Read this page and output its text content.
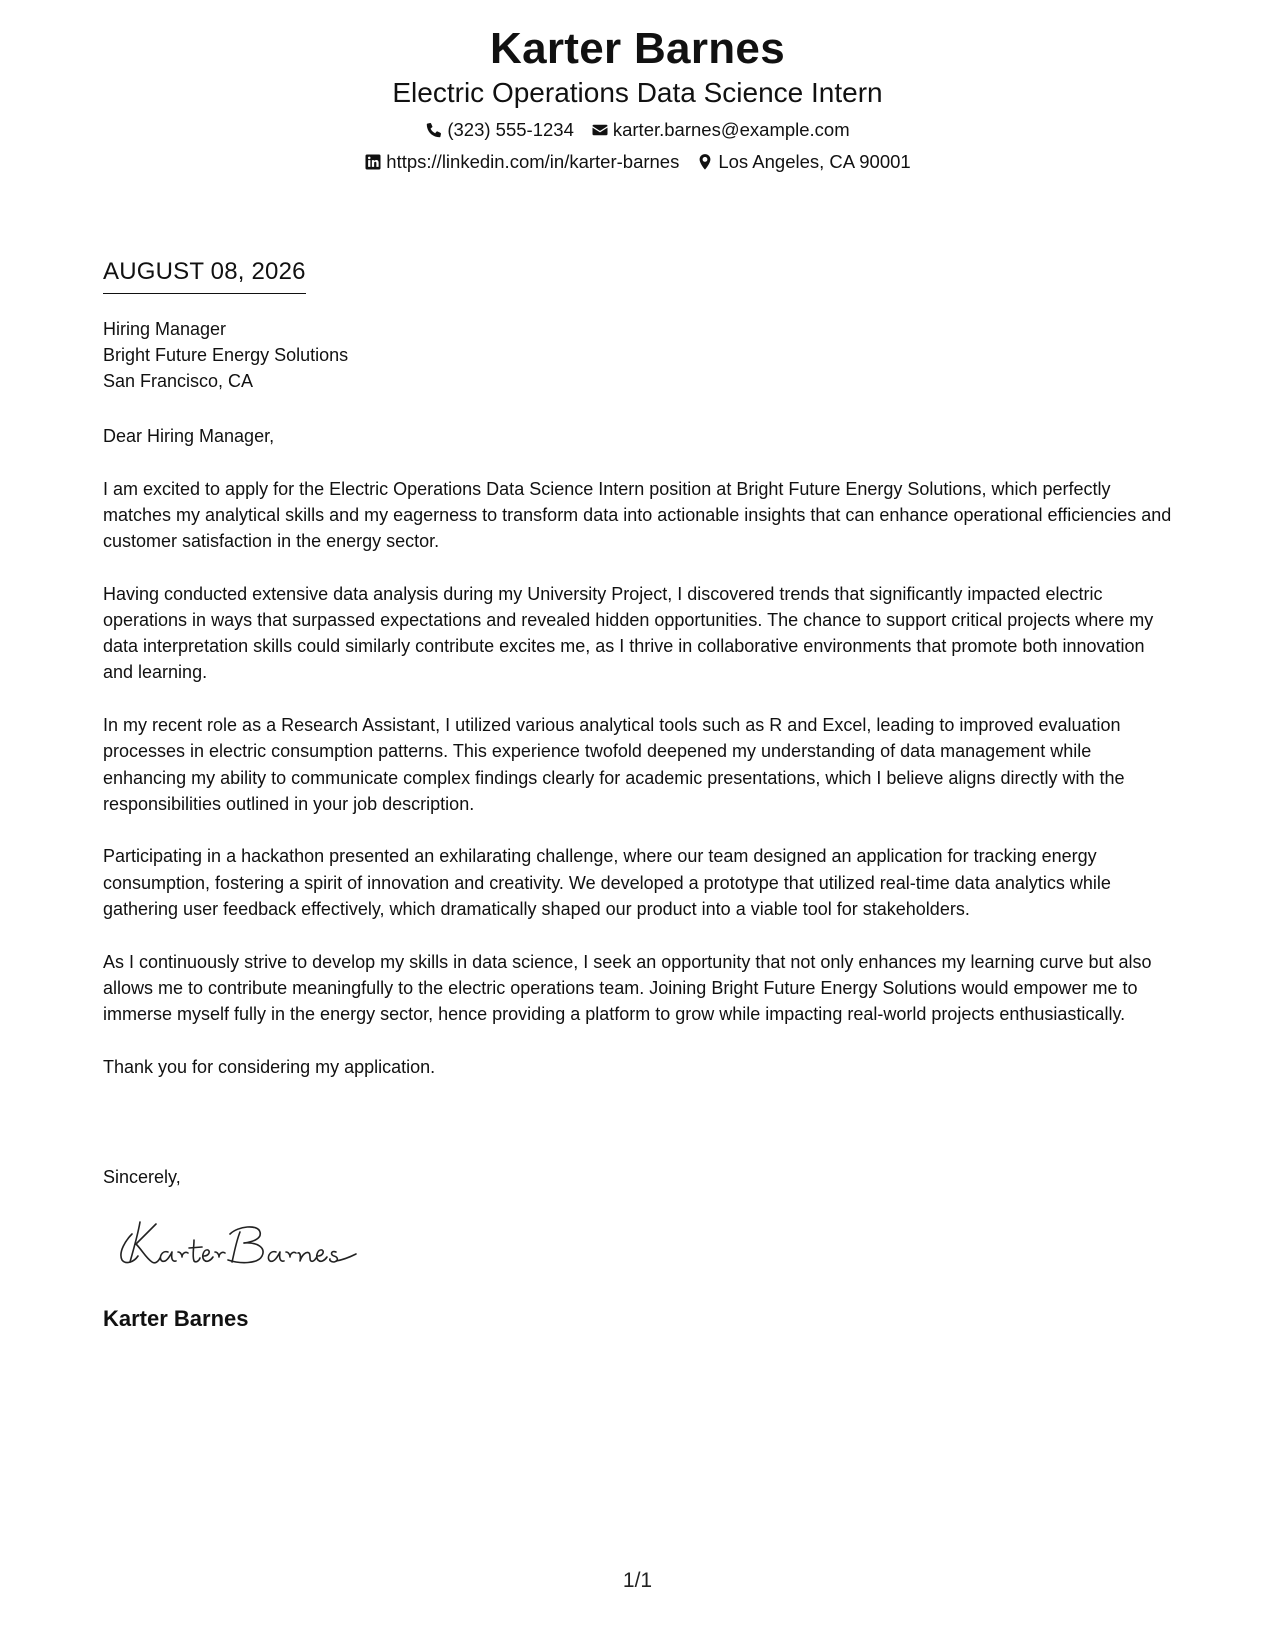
Karter Barnes
Electric Operations Data Science Intern
(323) 555-1234 karter.barnes@example.com
https://linkedin.com/in/karter-barnes Los Angeles, CA 90001
AUGUST 08, 2026
Hiring Manager
Bright Future Energy Solutions
San Francisco, CA

Dear Hiring Manager,

I am excited to apply for the Electric Operations Data Science Intern position at Bright Future Energy Solutions, which perfectly matches my analytical skills and my eagerness to transform data into actionable insights that can enhance operational efficiencies and customer satisfaction in the energy sector.

Having conducted extensive data analysis during my University Project, I discovered trends that significantly impacted electric operations in ways that surpassed expectations and revealed hidden opportunities. The chance to support critical projects where my data interpretation skills could similarly contribute excites me, as I thrive in collaborative environments that promote both innovation and learning.

In my recent role as a Research Assistant, I utilized various analytical tools such as R and Excel, leading to improved evaluation processes in electric consumption patterns. This experience twofold deepened my understanding of data management while enhancing my ability to communicate complex findings clearly for academic presentations, which I believe aligns directly with the responsibilities outlined in your job description.

Participating in a hackathon presented an exhilarating challenge, where our team designed an application for tracking energy consumption, fostering a spirit of innovation and creativity. We developed a prototype that utilized real-time data analytics while gathering user feedback effectively, which dramatically shaped our product into a viable tool for stakeholders.

As I continuously strive to develop my skills in data science, I seek an opportunity that not only enhances my learning curve but also allows me to contribute meaningfully to the electric operations team. Joining Bright Future Energy Solutions would empower me to immerse myself fully in the energy sector, hence providing a platform to grow while impacting real-world projects enthusiastically.

Thank you for considering my application.

Sincerely,
Karter Barnes
1/1
